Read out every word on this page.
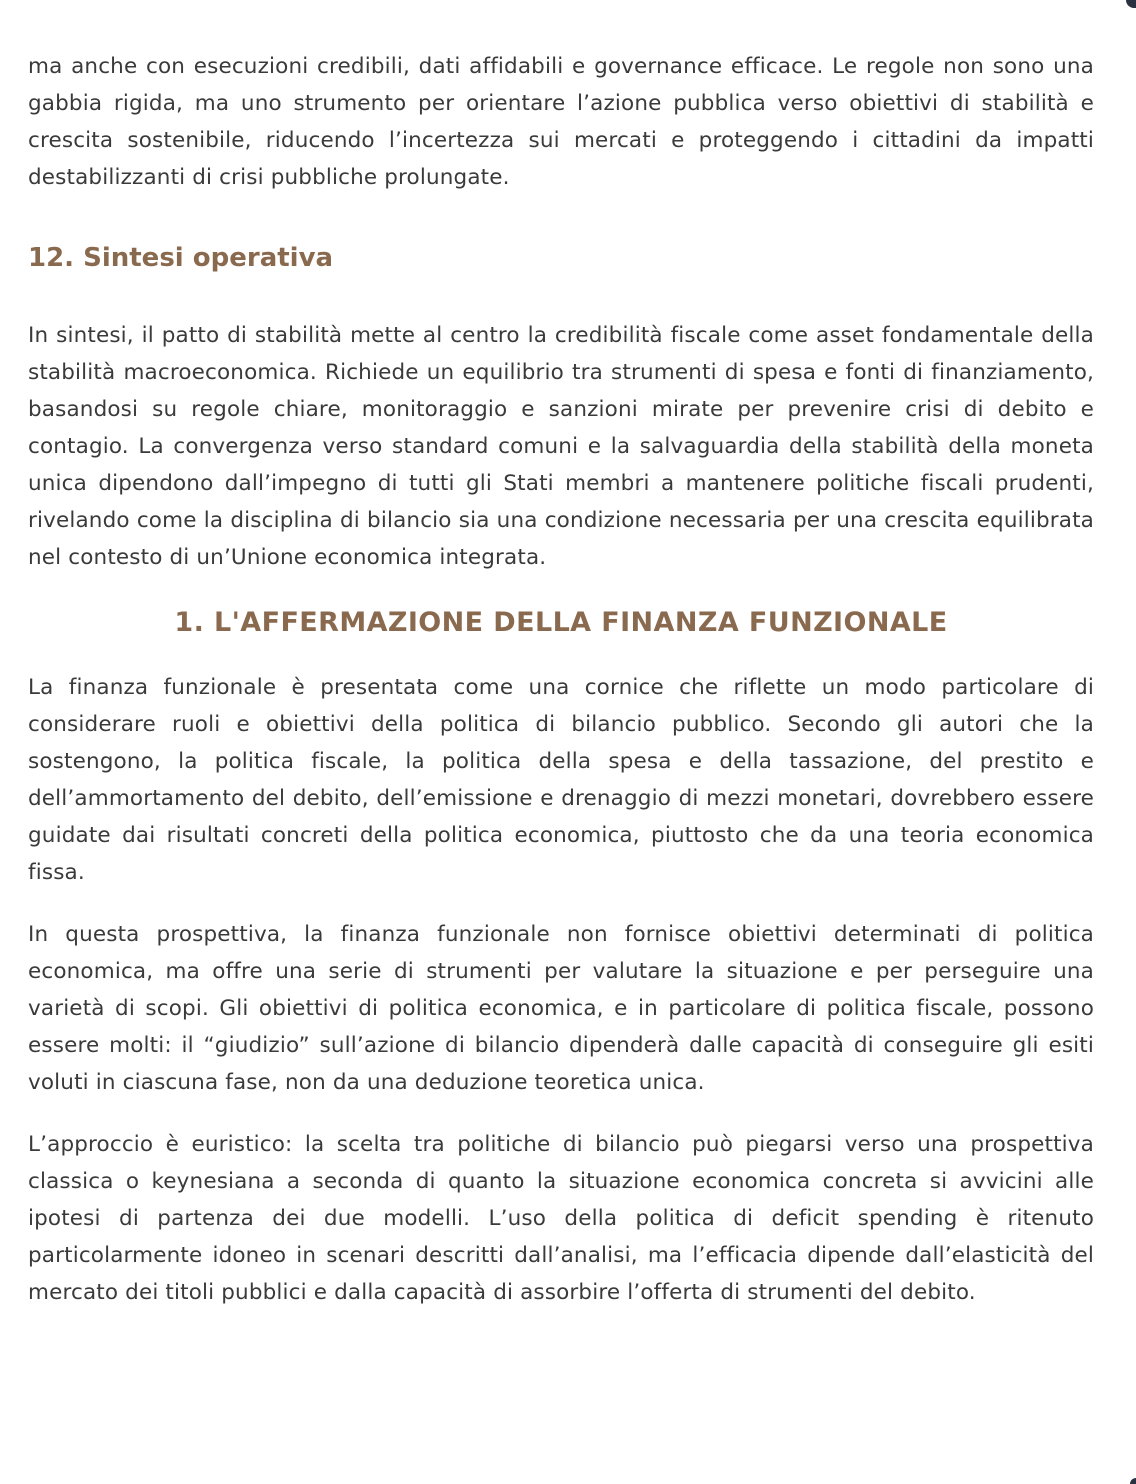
ma anche con esecuzioni credibili, dati affidabili e governance efficace. Le regole non sono una gabbia rigida, ma uno strumento per orientare l’azione pubblica verso obiettivi di stabilità e crescita sostenibile, riducendo l’incertezza sui mercati e proteggendo i cittadini da impatti destabilizzanti di crisi pubbliche prolungate.

12. Sintesi operativa

In sintesi, il patto di stabilità mette al centro la credibilità fiscale come asset fondamentale della stabilità macroeconomica. Richiede un equilibrio tra strumenti di spesa e fonti di finanziamento, basandosi su regole chiare, monitoraggio e sanzioni mirate per prevenire crisi di debito e contagio. La convergenza verso standard comuni e la salvaguardia della stabilità della moneta unica dipendono dall’impegno di tutti gli Stati membri a mantenere politiche fiscali prudenti, rivelando come la disciplina di bilancio sia una condizione necessaria per una crescita equilibrata nel contesto di un’Unione economica integrata.

1. L'AFFERMAZIONE DELLA FINANZA FUNZIONALE

La finanza funzionale è presentata come una cornice che riflette un modo particolare di considerare ruoli e obiettivi della politica di bilancio pubblico. Secondo gli autori che la sostengono, la politica fiscale, la politica della spesa e della tassazione, del prestito e dell’ammortamento del debito, dell’emissione e drenaggio di mezzi monetari, dovrebbero essere guidate dai risultati concreti della politica economica, piuttosto che da una teoria economica fissa.

In questa prospettiva, la finanza funzionale non fornisce obiettivi determinati di politica economica, ma offre una serie di strumenti per valutare la situazione e per perseguire una varietà di scopi. Gli obiettivi di politica economica, e in particolare di politica fiscale, possono essere molti: il “giudizio” sull’azione di bilancio dipenderà dalle capacità di conseguire gli esiti voluti in ciascuna fase, non da una deduzione teoretica unica.

L’approccio è euristico: la scelta tra politiche di bilancio può piegarsi verso una prospettiva classica o keynesiana a seconda di quanto la situazione economica concreta si avvicini alle ipotesi di partenza dei due modelli. L’uso della politica di deficit spending è ritenuto particolarmente idoneo in scenari descritti dall’analisi, ma l’efficacia dipende dall’elasticità del mercato dei titoli pubblici e dalla capacità di assorbire l’offerta di strumenti del debito.
